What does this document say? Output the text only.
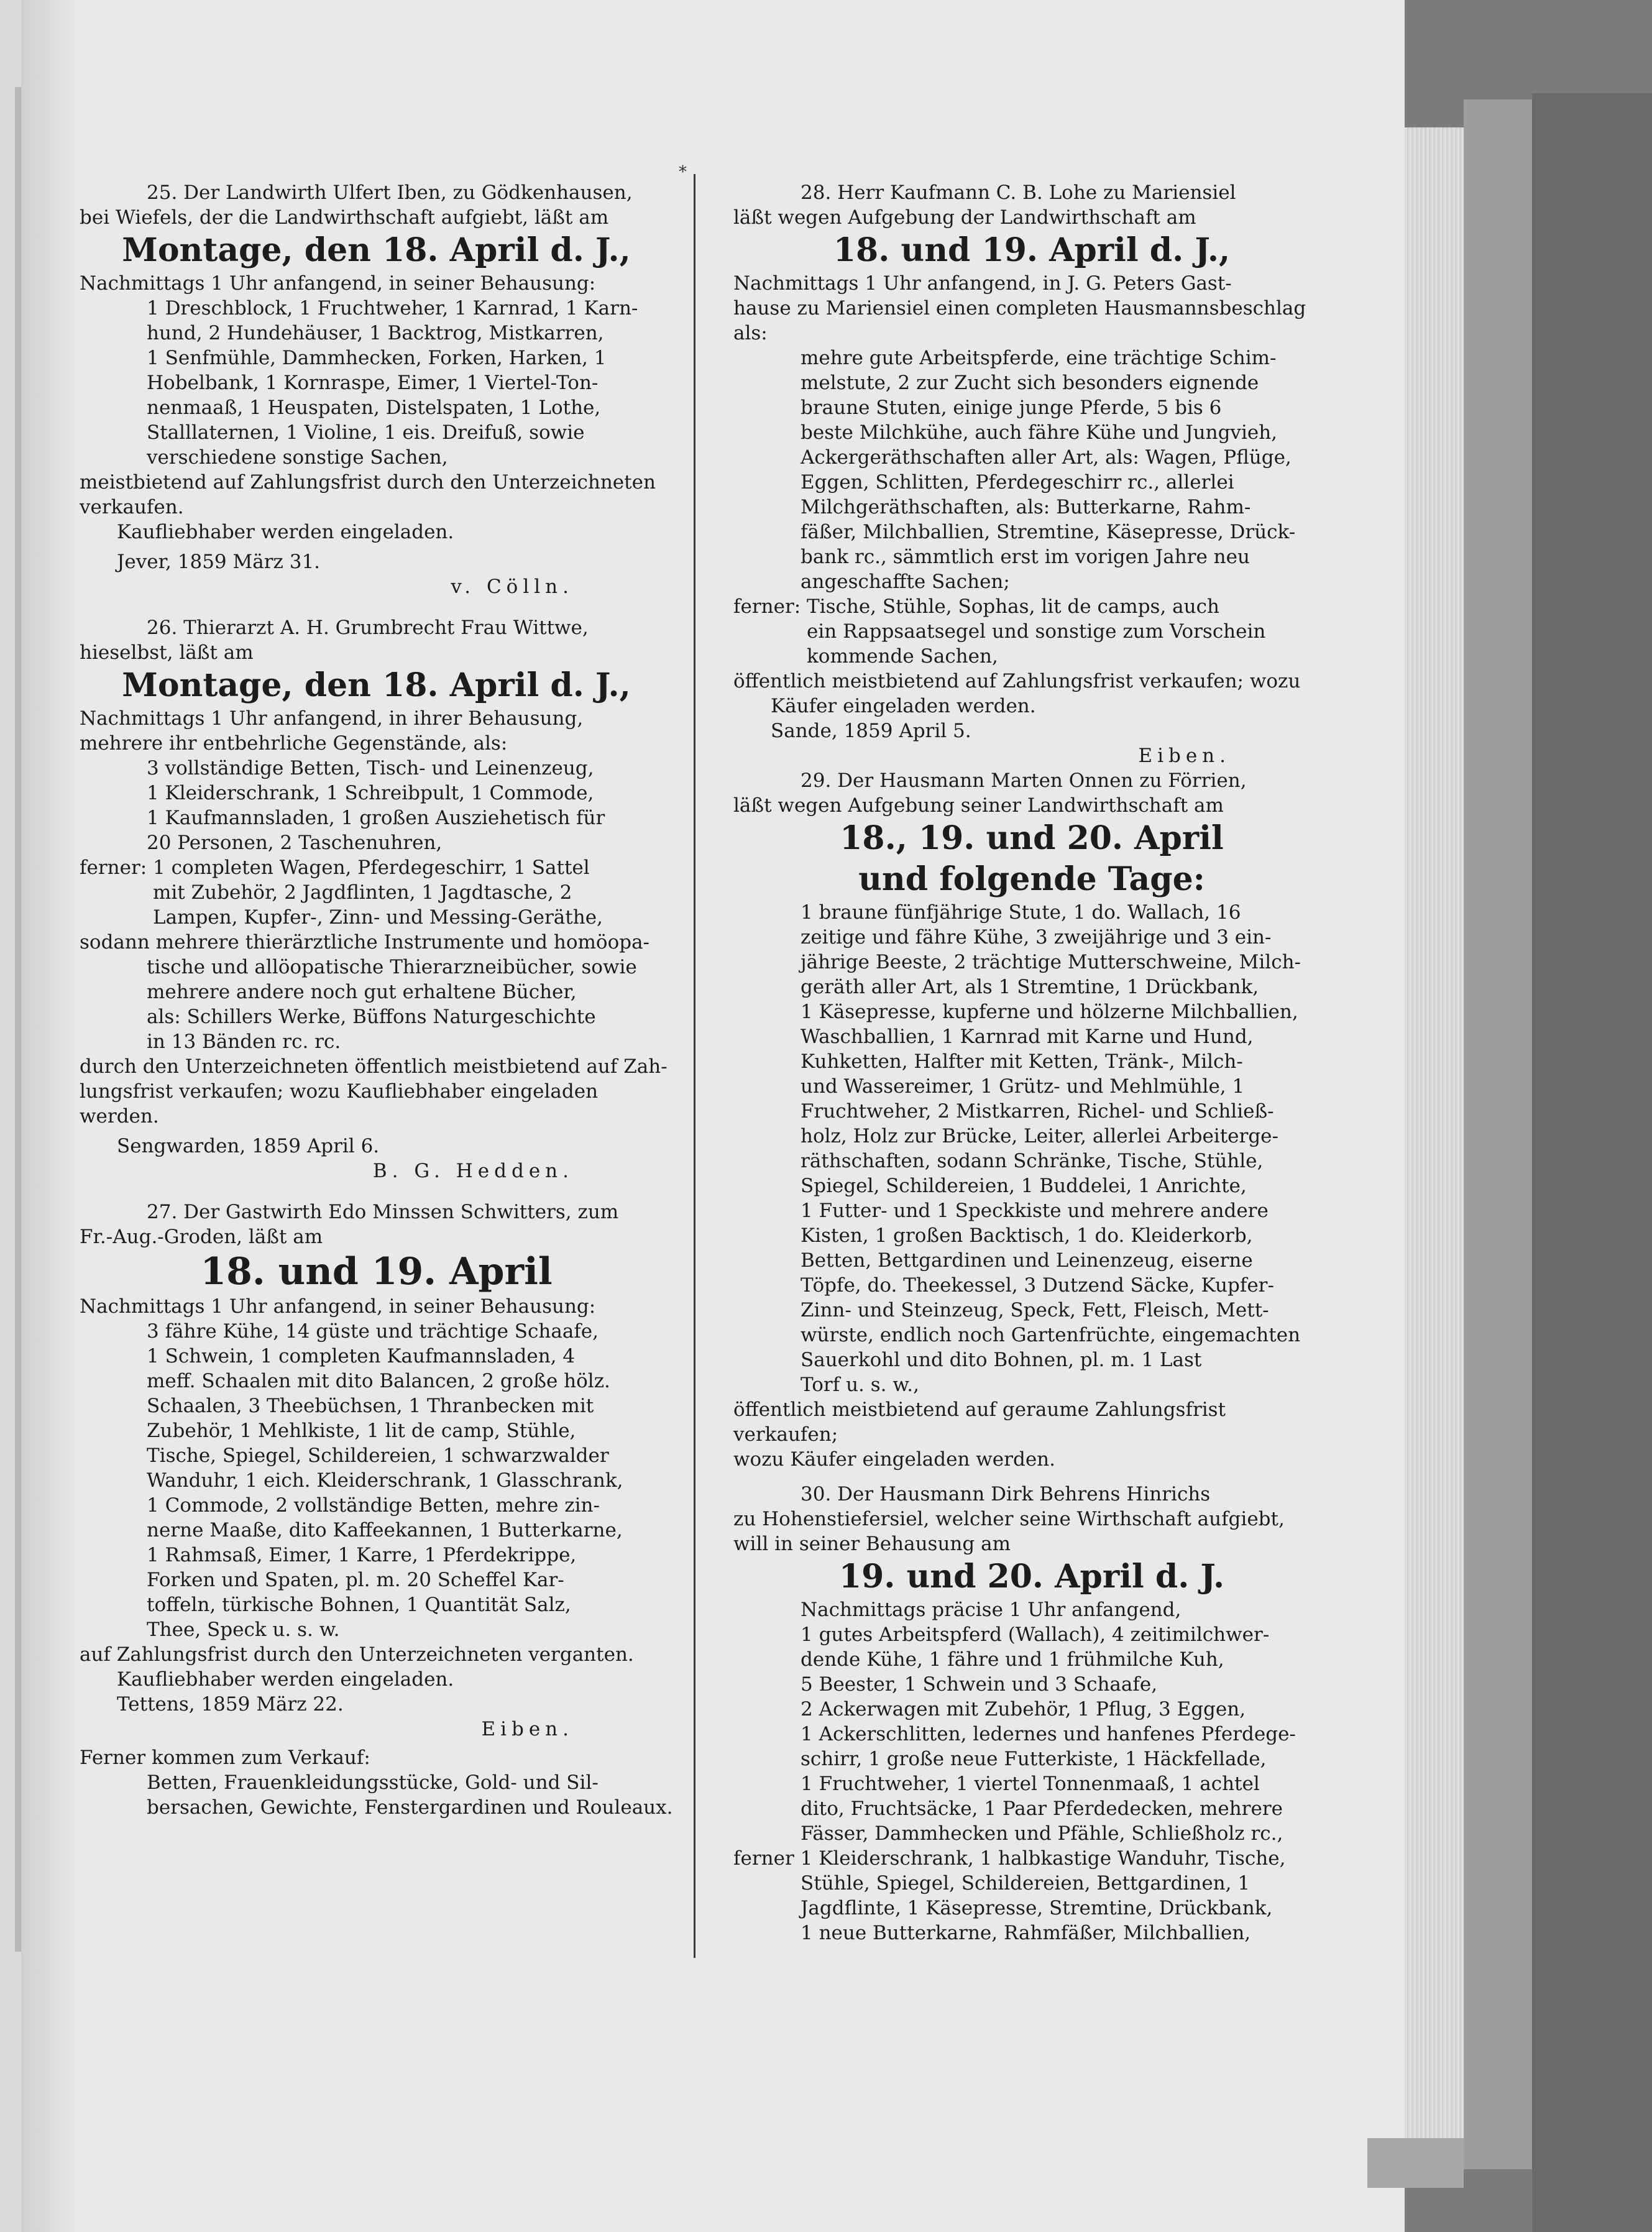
*

25. Der Landwirth Ulfert Iben, zu Gödkenhausen,

bei Wiefels, der die Landwirthschaft aufgiebt, läßt am

Montage, den 18. April d. J.,

Nachmittags 1 Uhr anfangend, in seiner Behausung:

1 Dreschblock, 1 Fruchtweher, 1 Karnrad, 1 Karn-

hund, 2 Hundehäuser, 1 Backtrog, Mistkarren,

1 Senfmühle, Dammhecken, Forken, Harken, 1

Hobelbank, 1 Kornraspe, Eimer, 1 Viertel-Ton-

nenmaaß, 1 Heuspaten, Distelspaten, 1 Lothe,

Stalllaternen, 1 Violine, 1 eis. Dreifuß, sowie

verschiedene sonstige Sachen,

meistbietend auf Zahlungsfrist durch den Unterzeichneten

verkaufen.

Kaufliebhaber werden eingeladen.

Jever, 1859 März 31.

v. Cölln.

26. Thierarzt A. H. Grumbrecht Frau Wittwe,

hieselbst, läßt am

Montage, den 18. April d. J.,

Nachmittags 1 Uhr anfangend, in ihrer Behausung,

mehrere ihr entbehrliche Gegenstände, als:

3 vollständige Betten, Tisch- und Leinenzeug,

1 Kleiderschrank, 1 Schreibpult, 1 Commode,

1 Kaufmannsladen, 1 großen Ausziehetisch für

20 Personen, 2 Taschenuhren,

ferner: 1 completen Wagen, Pferdegeschirr, 1 Sattel

mit Zubehör, 2 Jagdflinten, 1 Jagdtasche, 2

Lampen, Kupfer-, Zinn- und Messing-Geräthe,

sodann mehrere thierärztliche Instrumente und homöopa-

tische und allöopatische Thierarzneibücher, sowie

mehrere andere noch gut erhaltene Bücher,

als: Schillers Werke, Büffons Naturgeschichte

in 13 Bänden rc. rc.

durch den Unterzeichneten öffentlich meistbietend auf Zah-

lungsfrist verkaufen; wozu Kaufliebhaber eingeladen

werden.

Sengwarden, 1859 April 6.

B. G. Hedden.

27. Der Gastwirth Edo Minssen Schwitters, zum

Fr.-Aug.-Groden, läßt am

18. und 19. April

Nachmittags 1 Uhr anfangend, in seiner Behausung:

3 fähre Kühe, 14 güste und trächtige Schaafe,

1 Schwein, 1 completen Kaufmannsladen, 4

meff. Schaalen mit dito Balancen, 2 große hölz.

Schaalen, 3 Theebüchsen, 1 Thranbecken mit

Zubehör, 1 Mehlkiste, 1 lit de camp, Stühle,

Tische, Spiegel, Schildereien, 1 schwarzwalder

Wanduhr, 1 eich. Kleiderschrank, 1 Glasschrank,

1 Commode, 2 vollständige Betten, mehre zin-

nerne Maaße, dito Kaffeekannen, 1 Butterkarne,

1 Rahmsaß, Eimer, 1 Karre, 1 Pferdekrippe,

Forken und Spaten, pl. m. 20 Scheffel Kar-

toffeln, türkische Bohnen, 1 Quantität Salz,

Thee, Speck u. s. w.

auf Zahlungsfrist durch den Unterzeichneten verganten.

Kaufliebhaber werden eingeladen.

Tettens, 1859 März 22.

Eiben.

Ferner kommen zum Verkauf:

Betten, Frauenkleidungsstücke, Gold- und Sil-

bersachen, Gewichte, Fenstergardinen und Rouleaux.

28. Herr Kaufmann C. B. Lohe zu Mariensiel

läßt wegen Aufgebung der Landwirthschaft am

18. und 19. April d. J.,

Nachmittags 1 Uhr anfangend, in J. G. Peters Gast-

hause zu Mariensiel einen completen Hausmannsbeschlag

als:

mehre gute Arbeitspferde, eine trächtige Schim-

melstute, 2 zur Zucht sich besonders eignende

braune Stuten, einige junge Pferde, 5 bis 6

beste Milchkühe, auch fähre Kühe und Jungvieh,

Ackergeräthschaften aller Art, als: Wagen, Pflüge,

Eggen, Schlitten, Pferdegeschirr rc., allerlei

Milchgeräthschaften, als: Butterkarne, Rahm-

fäßer, Milchballien, Stremtine, Käsepresse, Drück-

bank rc., sämmtlich erst im vorigen Jahre neu

angeschaffte Sachen;

ferner: Tische, Stühle, Sophas, lit de camps, auch

ein Rappsaatsegel und sonstige zum Vorschein

kommende Sachen,

öffentlich meistbietend auf Zahlungsfrist verkaufen; wozu

Käufer eingeladen werden.

Sande, 1859 April 5.

Eiben.

29. Der Hausmann Marten Onnen zu Förrien,

läßt wegen Aufgebung seiner Landwirthschaft am

18., 19. und 20. April

und folgende Tage:

1 braune fünfjährige Stute, 1 do. Wallach, 16

zeitige und fähre Kühe, 3 zweijährige und 3 ein-

jährige Beeste, 2 trächtige Mutterschweine, Milch-

geräth aller Art, als 1 Stremtine, 1 Drückbank,

1 Käsepresse, kupferne und hölzerne Milchballien,

Waschballien, 1 Karnrad mit Karne und Hund,

Kuhketten, Halfter mit Ketten, Tränk-, Milch-

und Wassereimer, 1 Grütz- und Mehlmühle, 1

Fruchtweher, 2 Mistkarren, Richel- und Schließ-

holz, Holz zur Brücke, Leiter, allerlei Arbeiterge-

räthschaften, sodann Schränke, Tische, Stühle,

Spiegel, Schildereien, 1 Buddelei, 1 Anrichte,

1 Futter- und 1 Speckkiste und mehrere andere

Kisten, 1 großen Backtisch, 1 do. Kleiderkorb,

Betten, Bettgardinen und Leinenzeug, eiserne

Töpfe, do. Theekessel, 3 Dutzend Säcke, Kupfer-

Zinn- und Steinzeug, Speck, Fett, Fleisch, Mett-

würste, endlich noch Gartenfrüchte, eingemachten

Sauerkohl und dito Bohnen, pl. m. 1 Last

Torf u. s. w.,

öffentlich meistbietend auf geraume Zahlungsfrist verkaufen;

wozu Käufer eingeladen werden.

30. Der Hausmann Dirk Behrens Hinrichs

zu Hohenstiefersiel, welcher seine Wirthschaft aufgiebt,

will in seiner Behausung am

19. und 20. April d. J.

Nachmittags präcise 1 Uhr anfangend,

1 gutes Arbeitspferd (Wallach), 4 zeitimilchwer-

dende Kühe, 1 fähre und 1 frühmilche Kuh,

5 Beester, 1 Schwein und 3 Schaafe,

2 Ackerwagen mit Zubehör, 1 Pflug, 3 Eggen,

1 Ackerschlitten, ledernes und hanfenes Pferdege-

schirr, 1 große neue Futterkiste, 1 Häckfellade,

1 Fruchtweher, 1 viertel Tonnenmaaß, 1 achtel

dito, Fruchtsäcke, 1 Paar Pferdedecken, mehrere

Fässer, Dammhecken und Pfähle, Schließholz rc.,

ferner 1 Kleiderschrank, 1 halbkastige Wanduhr, Tische,

Stühle, Spiegel, Schildereien, Bettgardinen, 1

Jagdflinte, 1 Käsepresse, Stremtine, Drückbank,

1 neue Butterkarne, Rahmfäßer, Milchballien,
